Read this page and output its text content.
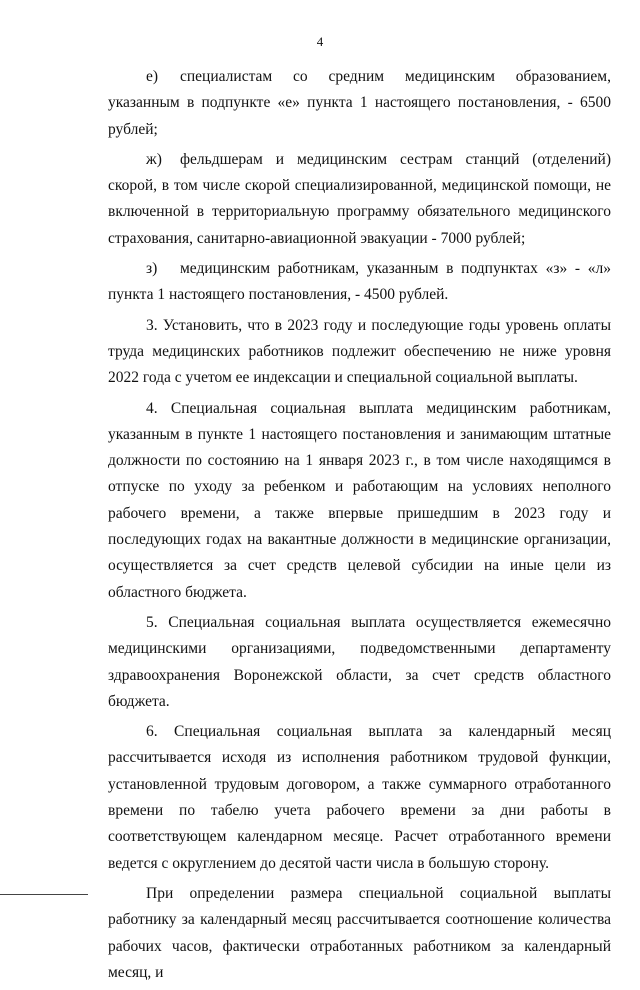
4

е) специалистам со средним медицинским образованием, указанным в подпункте «е» пункта 1 настоящего постановления, - 6500 рублей;

ж) фельдшерам и медицинским сестрам станций (отделений) скорой, в том числе скорой специализированной, медицинской помощи, не включенной в территориальную программу обязательного медицинского страхования, санитарно-авиационной эвакуации - 7000 рублей;

з) медицинским работникам, указанным в подпунктах «з» - «л» пункта 1 настоящего постановления, - 4500 рублей.

3. Установить, что в 2023 году и последующие годы уровень оплаты труда медицинских работников подлежит обеспечению не ниже уровня 2022 года с учетом ее индексации и специальной социальной выплаты.

4. Специальная социальная выплата медицинским работникам, указанным в пункте 1 настоящего постановления и занимающим штатные должности по состоянию на 1 января 2023 г., в том числе находящимся в отпуске по уходу за ребенком и работающим на условиях неполного рабочего времени, а также впервые пришедшим в 2023 году и последующих годах на вакантные должности в медицинские организации, осуществляется за счет средств целевой субсидии на иные цели из областного бюджета.

5. Специальная социальная выплата осуществляется ежемесячно медицинскими организациями, подведомственными департаменту здравоохранения Воронежской области, за счет средств областного бюджета.

6. Специальная социальная выплата за календарный месяц рассчитывается исходя из исполнения работником трудовой функции, установленной трудовым договором, а также суммарного отработанного времени по табелю учета рабочего времени за дни работы в соответствующем календарном месяце. Расчет отработанного времени ведется с округлением до десятой части числа в большую сторону.

При определении размера специальной социальной выплаты работнику за календарный месяц рассчитывается соотношение количества рабочих часов, фактически отработанных работником за календарный месяц, и
